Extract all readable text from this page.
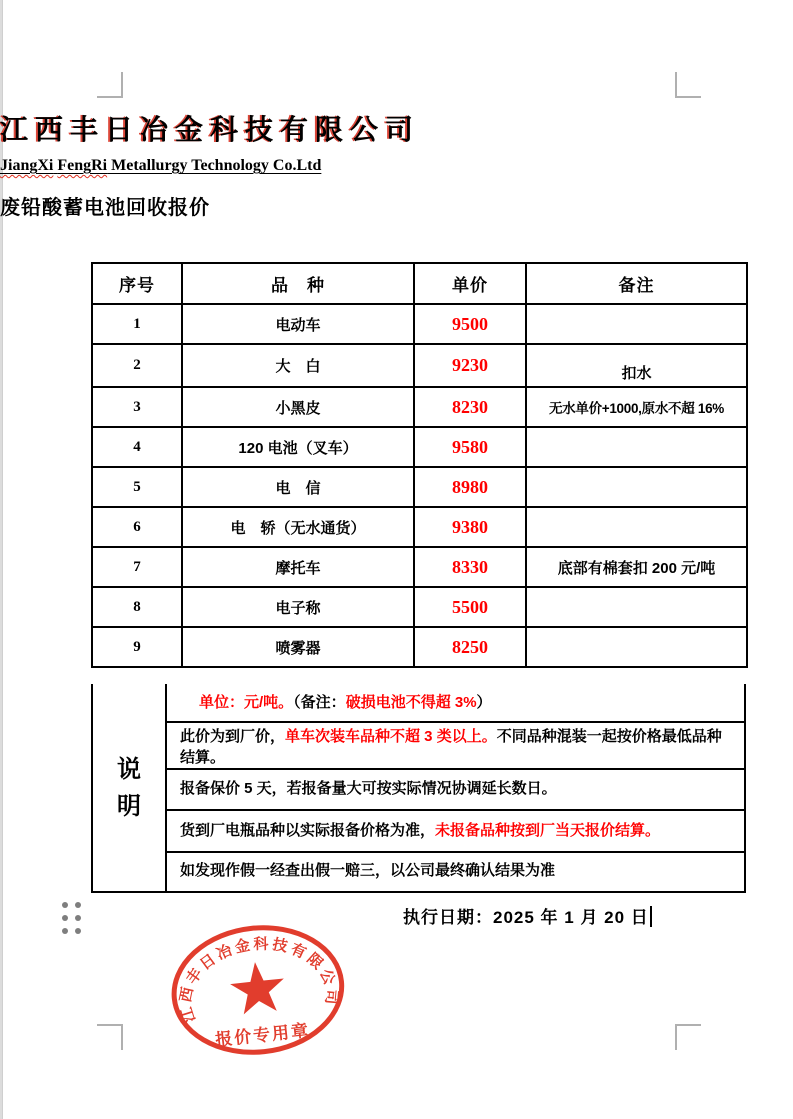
江西丰日冶金科技有限公司
JiangXi FengRi Metallurgy Technology Co.Ltd
废铅酸蓄电池回收报价
序号	品　种	单价	备注
1	电动车	9500	
2	大　白	9230	扣水
3	小黑皮	8230	无水单价+1000,原水不超 16%
4	120 电池（叉车）	9580	
5	电　信	8980	
6	电　轿（无水通货）	9380	
7	摩托车	8330	底部有棉套扣 200 元/吨
8	电子称	5500	
9	喷雾器	8250	
说
明
单位：元/吨。（备注：破损电池不得超 3%）
此价为到厂价，单车次装车品种不超 3 类以上。不同品种混装一起按价格最低品种结算。
报备保价 5 天，若报备量大可按实际情况协调延长数日。
货到厂电瓶品种以实际报备价格为准，未报备品种按到厂当天报价结算。
如发现作假一经查出假一赔三，以公司最终确认结果为准
执行日期：2025 年 1 月 20 日
江西丰日冶金科技有限公司
报价专用章
